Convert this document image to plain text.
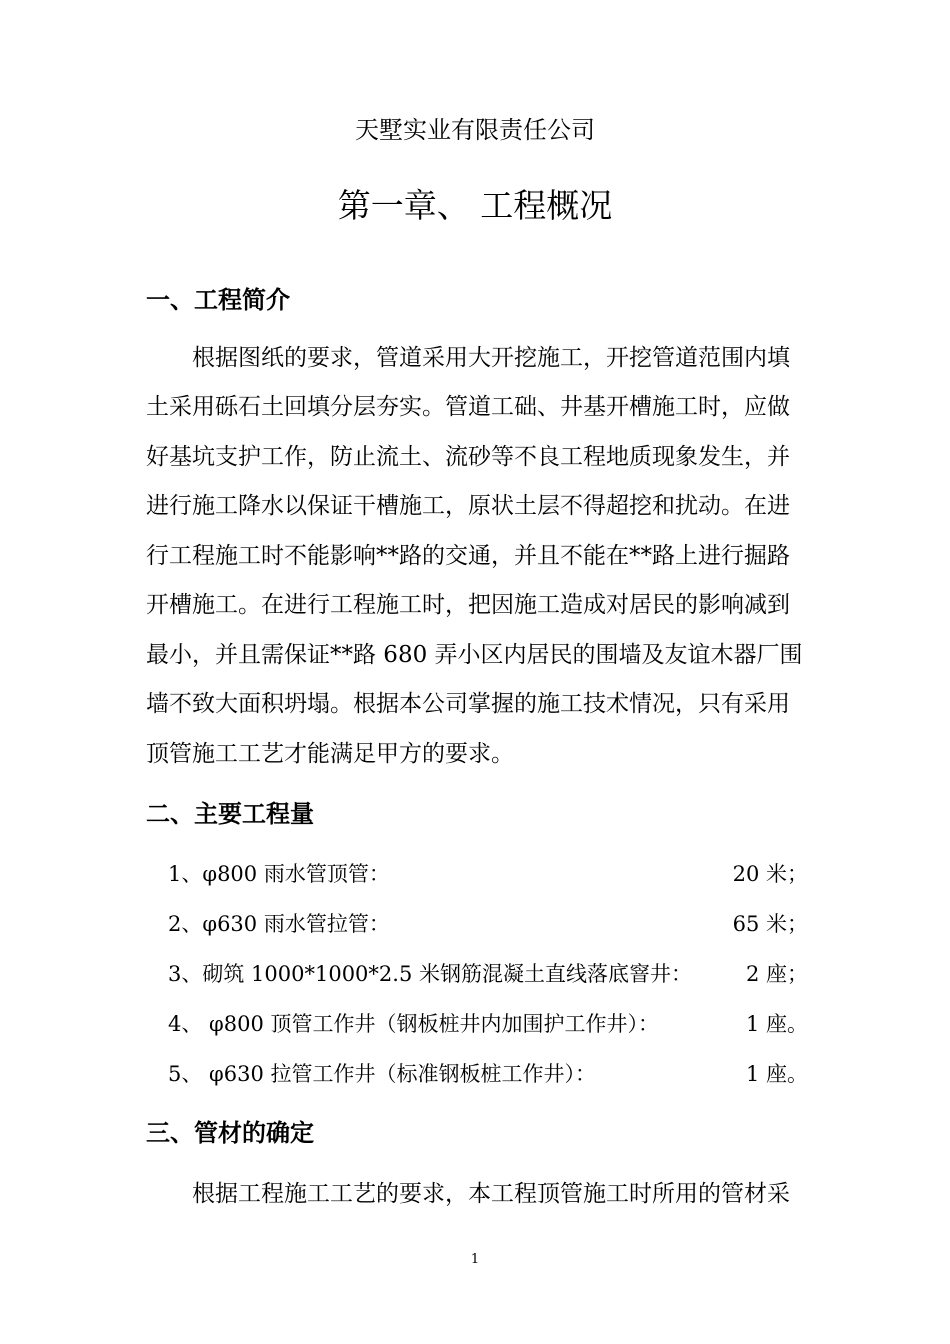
天墅实业有限责任公司
第一章、 工程概况
一、工程简介
根据图纸的要求，管道采用大开挖施工，开挖管道范围内填
土采用砾石土回填分层夯实。管道工础、井基开槽施工时，应做
好基坑支护工作，防止流土、流砂等不良工程地质现象发生，并
进行施工降水以保证干槽施工，原状土层不得超挖和扰动。在进
行工程施工时不能影响**路的交通，并且不能在**路上进行掘路
开槽施工。在进行工程施工时，把因施工造成对居民的影响减到
最小，并且需保证**路 680 弄小区内居民的围墙及友谊木器厂围
墙不致大面积坍塌。根据本公司掌握的施工技术情况，只有采用
顶管施工工艺才能满足甲方的要求。
二、主要工程量
1、φ800 雨水管顶管：	20 米；
2、φ630 雨水管拉管：	65 米；
3、砌筑 1000*1000*2.5 米钢筋混凝土直线落底窨井：	2 座；
4、 φ800 顶管工作井（钢板桩井内加围护工作井）：	1 座。
5、 φ630 拉管工作井（标准钢板桩工作井）：	1 座。
三、管材的确定
根据工程施工工艺的要求，本工程顶管施工时所用的管材采
1
